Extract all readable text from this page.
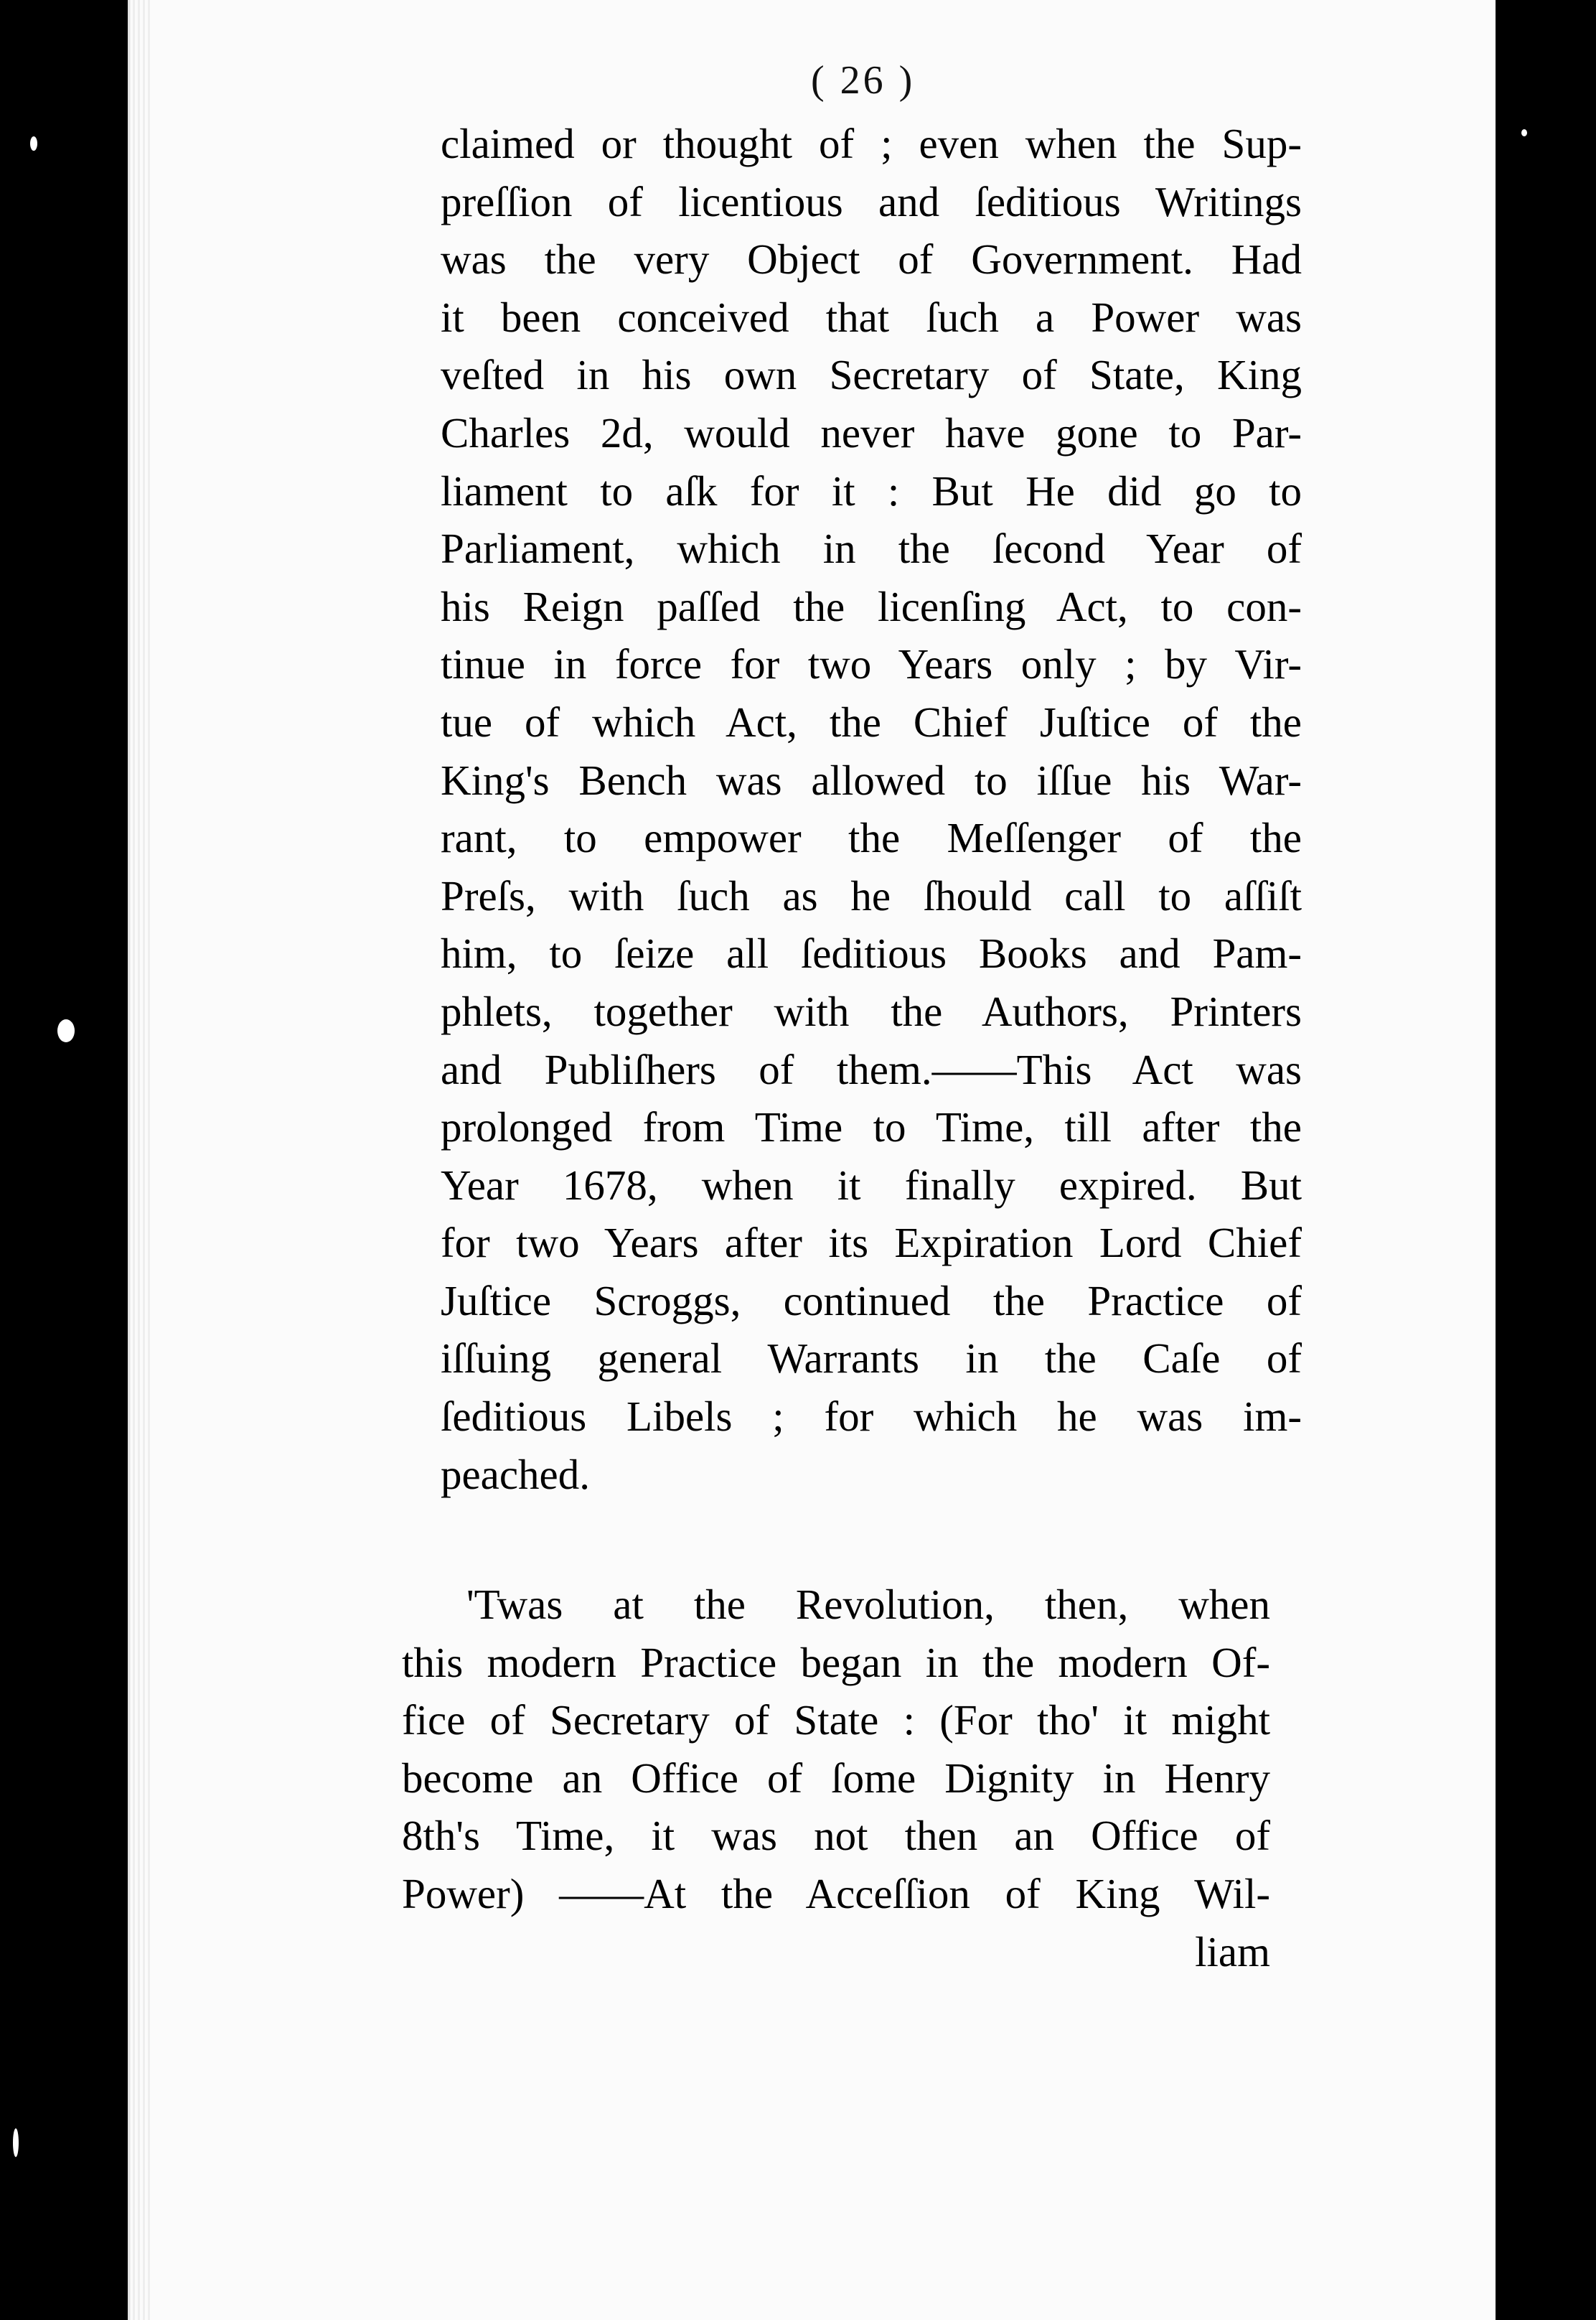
( 26 )
claimed or thought of ; even when the Sup-
preſſion of licentious and ſeditious Writings
was the very Object of Government. Had
it been conceived that ſuch a Power was
veſted in his own Secretary of State, King
Charles 2d, would never have gone to Par-
liament to aſk for it : But He did go to
Parliament, which in the ſecond Year of
his Reign paſſed the licenſing Act, to con-
tinue in force for two Years only ; by Vir-
tue of which Act, the Chief Juſtice of the
King's Bench was allowed to iſſue his War-
rant, to empower the Meſſenger of the
Preſs, with ſuch as he ſhould call to aſſiſt
him, to ſeize all ſeditious Books and Pam-
phlets, together with the Authors, Printers
and Publiſhers of them.——This Act was
prolonged from Time to Time, till after the
Year 1678, when it finally expired. But
for two Years after its Expiration Lord Chief
Juſtice Scroggs, continued the Practice of
iſſuing general Warrants in the Caſe of
ſeditious Libels ; for which he was im-
peached.
'Twas at the Revolution, then, when
this modern Practice began in the modern Of-
fice of Secretary of State : (For tho' it might
become an Office of ſome Dignity in Henry
8th's Time, it was not then an Office of
Power) ——At the Acceſſion of King Wil-
liam
